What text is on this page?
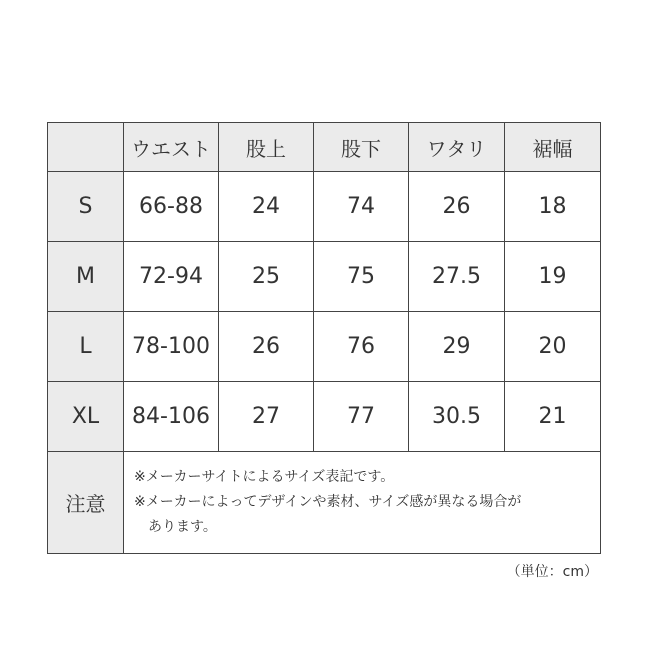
	ウエスト	股上	股下	ワタリ	裾幅
S	66-88	24	74	26	18
M	72-94	25	75	27.5	19
L	78-100	26	76	29	20
XL	84-106	27	77	30.5	21
注意	※メーカーサイトによるサイズ表記です。
※メーカーによってデザインや素材、サイズ感が異なる場合が
あります。				
（単位：cm）
